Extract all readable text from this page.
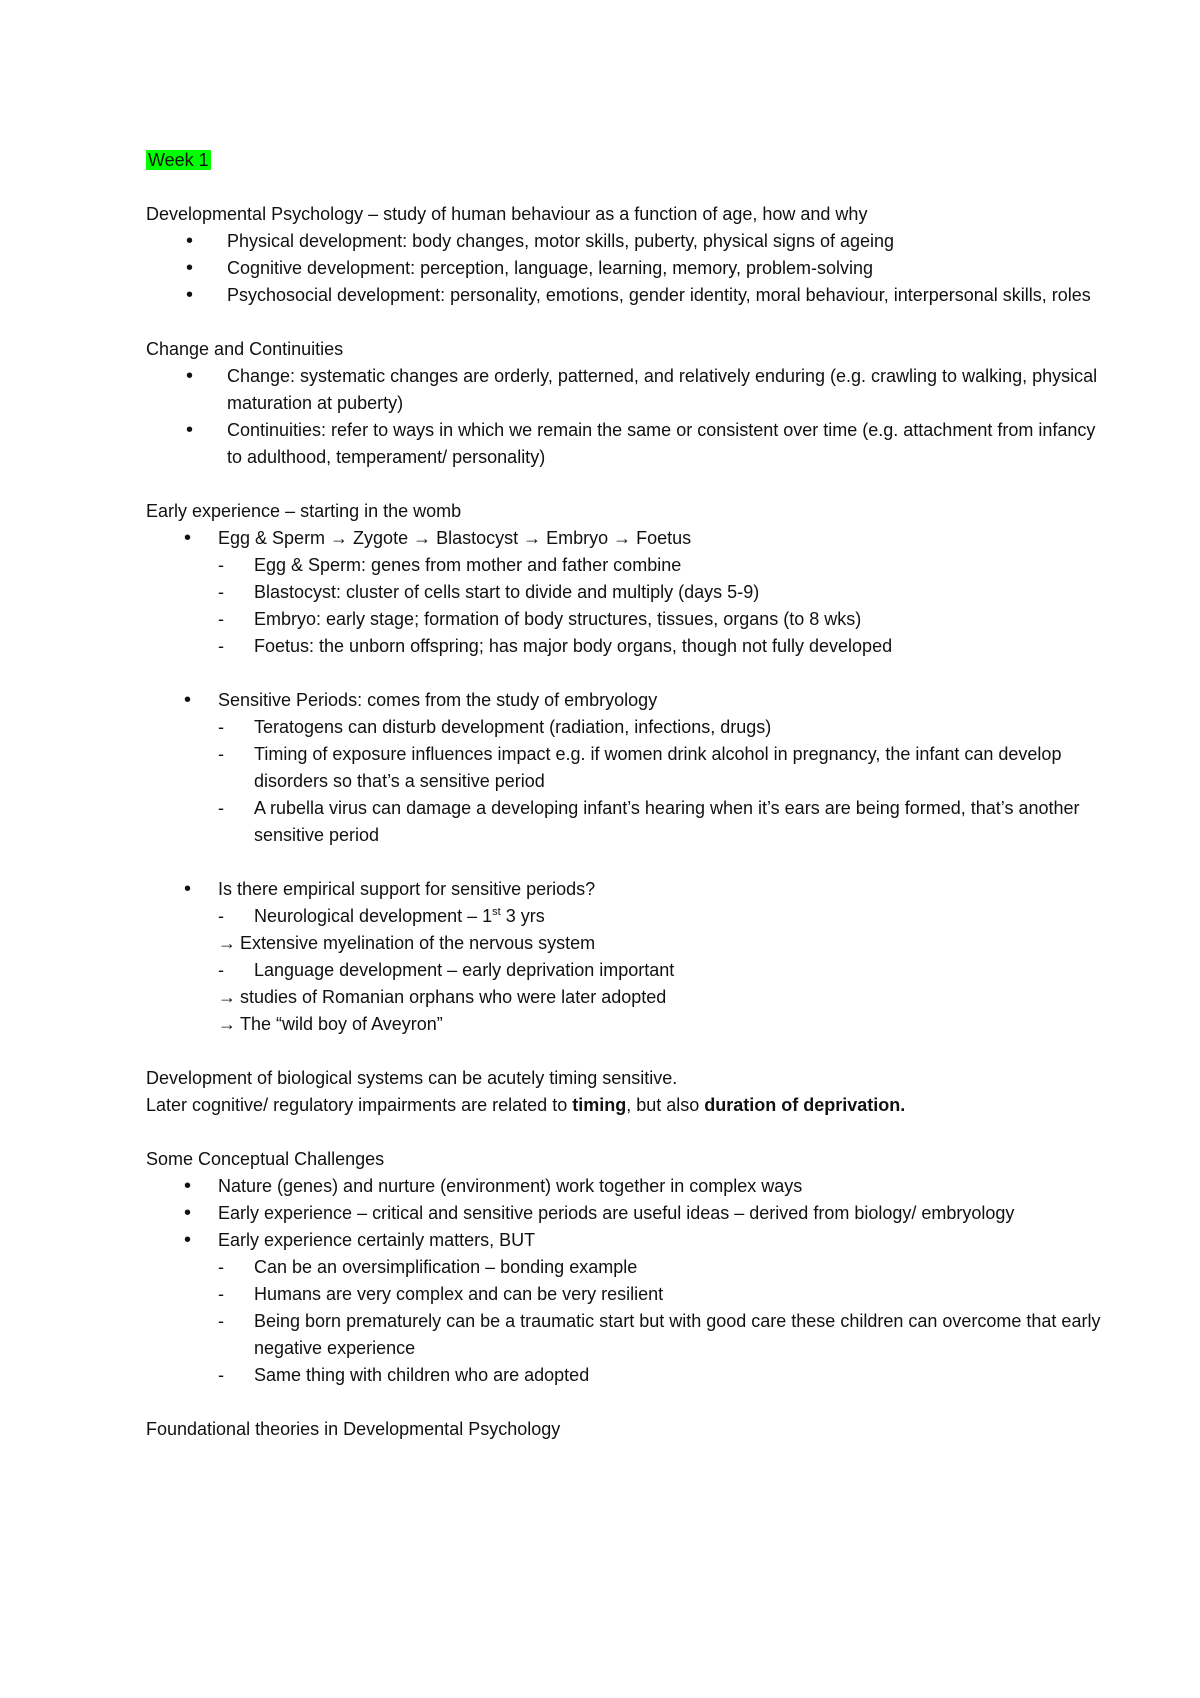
Week 1

Developmental Psychology – study of human behaviour as a function of age, how and why

• Physical development: body changes, motor skills, puberty, physical signs of ageing

• Cognitive development: perception, language, learning, memory, problem-solving

• Psychosocial development: personality, emotions, gender identity, moral behaviour, interpersonal skills, roles

Change and Continuities

• Change: systematic changes are orderly, patterned, and relatively enduring (e.g. crawling to walking, physical maturation at puberty)

• Continuities: refer to ways in which we remain the same or consistent over time (e.g. attachment from infancy to adulthood, temperament/ personality)

Early experience – starting in the womb

• Egg & Sperm → Zygote → Blastocyst → Embryo → Foetus

- Egg & Sperm: genes from mother and father combine

- Blastocyst: cluster of cells start to divide and multiply (days 5-9)

- Embryo: early stage; formation of body structures, tissues, organs (to 8 wks)

- Foetus: the unborn offspring; has major body organs, though not fully developed

• Sensitive Periods: comes from the study of embryology

- Teratogens can disturb development (radiation, infections, drugs)

- Timing of exposure influences impact e.g. if women drink alcohol in pregnancy, the infant can develop disorders so that’s a sensitive period

- A rubella virus can damage a developing infant’s hearing when it’s ears are being formed, that’s another sensitive period

• Is there empirical support for sensitive periods?

- Neurological development – 1st 3 yrs

→ Extensive myelination of the nervous system

- Language development – early deprivation important

→ studies of Romanian orphans who were later adopted

→ The “wild boy of Aveyron”

Development of biological systems can be acutely timing sensitive.

Later cognitive/ regulatory impairments are related to timing, but also duration of deprivation.

Some Conceptual Challenges

• Nature (genes) and nurture (environment) work together in complex ways

• Early experience – critical and sensitive periods are useful ideas – derived from biology/ embryology

• Early experience certainly matters, BUT

- Can be an oversimplification – bonding example

- Humans are very complex and can be very resilient

- Being born prematurely can be a traumatic start but with good care these children can overcome that early negative experience

- Same thing with children who are adopted

Foundational theories in Developmental Psychology
